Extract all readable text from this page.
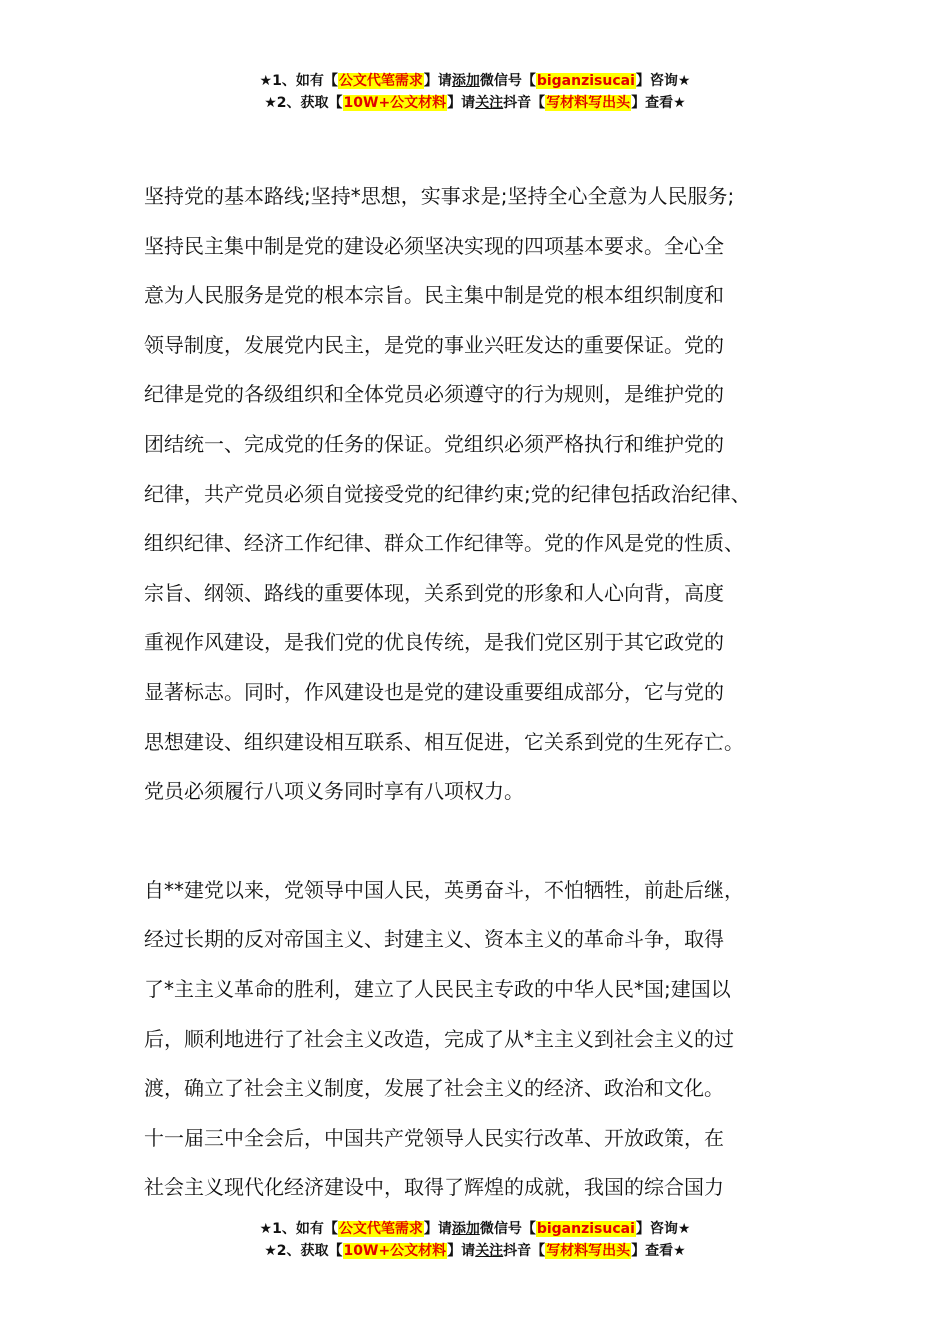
★1、如有【公文代笔需求】请添加微信号【biganzisucai】咨询★
★2、获取【10W+公文材料】请关注抖音【写材料写出头】查看★

坚持党的基本路线;坚持*思想，实事求是;坚持全心全意为人民服务;

坚持民主集中制是党的建设必须坚决实现的四项基本要求。全心全

意为人民服务是党的根本宗旨。民主集中制是党的根本组织制度和

领导制度，发展党内民主，是党的事业兴旺发达的重要保证。党的

纪律是党的各级组织和全体党员必须遵守的行为规则，是维护党的

团结统一、完成党的任务的保证。党组织必须严格执行和维护党的

纪律，共产党员必须自觉接受党的纪律约束;党的纪律包括政治纪律、

组织纪律、经济工作纪律、群众工作纪律等。党的作风是党的性质、

宗旨、纲领、路线的重要体现，关系到党的形象和人心向背，高度

重视作风建设，是我们党的优良传统，是我们党区别于其它政党的

显著标志。同时，作风建设也是党的建设重要组成部分，它与党的

思想建设、组织建设相互联系、相互促进，它关系到党的生死存亡。

党员必须履行八项义务同时享有八项权力。

自**建党以来，党领导中国人民，英勇奋斗，不怕牺牲，前赴后继，

经过长期的反对帝国主义、封建主义、资本主义的革命斗争，取得

了*主主义革命的胜利，建立了人民民主专政的中华人民*国;建国以

后，顺利地进行了社会主义改造，完成了从*主主义到社会主义的过

渡，确立了社会主义制度，发展了社会主义的经济、政治和文化。

十一届三中全会后，中国共产党领导人民实行改革、开放政策，在

社会主义现代化经济建设中，取得了辉煌的成就，我国的综合国力

★1、如有【公文代笔需求】请添加微信号【biganzisucai】咨询★
★2、获取【10W+公文材料】请关注抖音【写材料写出头】查看★
